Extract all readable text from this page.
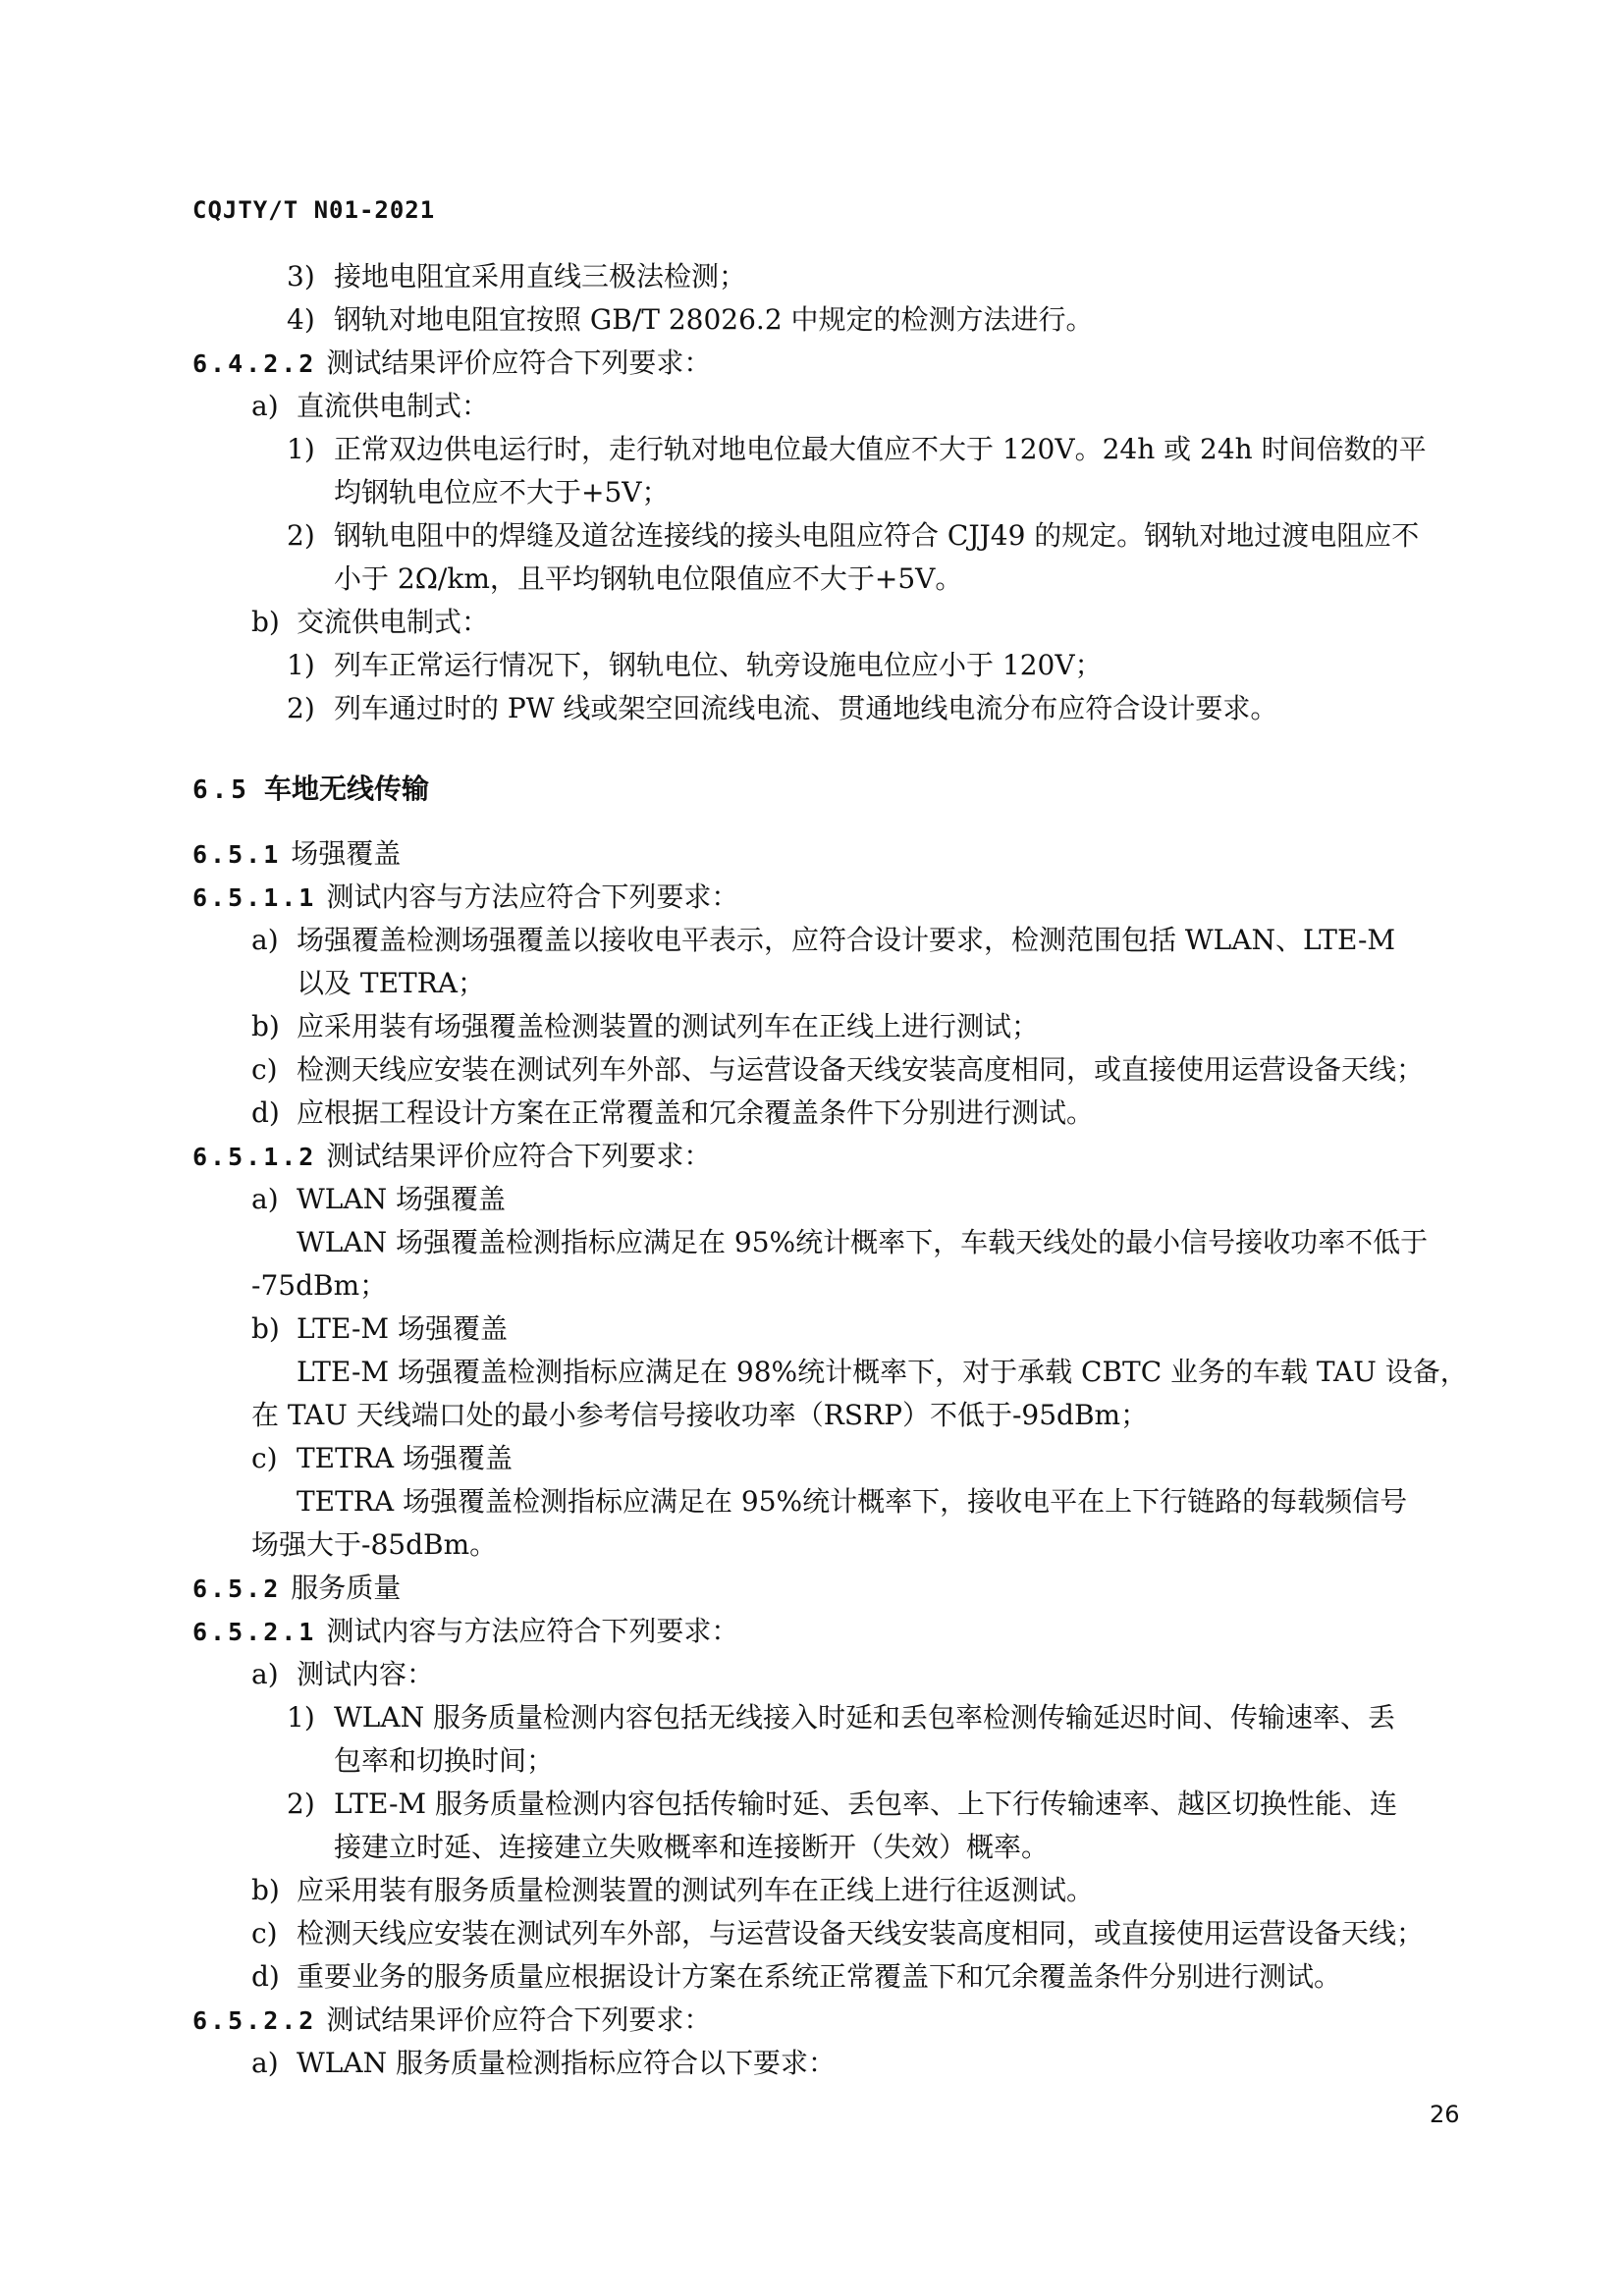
CQJTY/T N01-2021

3) 接地电阻宜采用直线三极法检测；

4) 钢轨对地电阻宜按照 GB/T 28026.2 中规定的检测方法进行。

6.4.2.2 测试结果评价应符合下列要求：

a) 直流供电制式：

1) 正常双边供电运行时，走行轨对地电位最大值应不大于 120V。24h 或 24h 时间倍数的平

均钢轨电位应不大于+5V；

2) 钢轨电阻中的焊缝及道岔连接线的接头电阻应符合 CJJ49 的规定。钢轨对地过渡电阻应不

小于 2Ω/km，且平均钢轨电位限值应不大于+5V。

b) 交流供电制式：

1) 列车正常运行情况下，钢轨电位、轨旁设施电位应小于 120V；

2) 列车通过时的 PW 线或架空回流线电流、贯通地线电流分布应符合设计要求。

6.5 车地无线传输

6.5.1 场强覆盖

6.5.1.1 测试内容与方法应符合下列要求：

a) 场强覆盖检测场强覆盖以接收电平表示，应符合设计要求，检测范围包括 WLAN、LTE-M

以及 TETRA；

b) 应采用装有场强覆盖检测装置的测试列车在正线上进行测试；

c) 检测天线应安装在测试列车外部、与运营设备天线安装高度相同，或直接使用运营设备天线；

d) 应根据工程设计方案在正常覆盖和冗余覆盖条件下分别进行测试。

6.5.1.2 测试结果评价应符合下列要求：

a) WLAN 场强覆盖

WLAN 场强覆盖检测指标应满足在 95%统计概率下，车载天线处的最小信号接收功率不低于

-75dBm；

b) LTE-M 场强覆盖

LTE-M 场强覆盖检测指标应满足在 98%统计概率下，对于承载 CBTC 业务的车载 TAU 设备，

在 TAU 天线端口处的最小参考信号接收功率（RSRP）不低于-95dBm；

c) TETRA 场强覆盖

TETRA 场强覆盖检测指标应满足在 95%统计概率下，接收电平在上下行链路的每载频信号

场强大于-85dBm。

6.5.2 服务质量

6.5.2.1 测试内容与方法应符合下列要求：

a) 测试内容：

1) WLAN 服务质量检测内容包括无线接入时延和丢包率检测传输延迟时间、传输速率、丢

包率和切换时间；

2) LTE-M 服务质量检测内容包括传输时延、丢包率、上下行传输速率、越区切换性能、连

接建立时延、连接建立失败概率和连接断开（失效）概率。

b) 应采用装有服务质量检测装置的测试列车在正线上进行往返测试。

c) 检测天线应安装在测试列车外部，与运营设备天线安装高度相同，或直接使用运营设备天线；

d) 重要业务的服务质量应根据设计方案在系统正常覆盖下和冗余覆盖条件分别进行测试。

6.5.2.2 测试结果评价应符合下列要求：

a) WLAN 服务质量检测指标应符合以下要求：

26
